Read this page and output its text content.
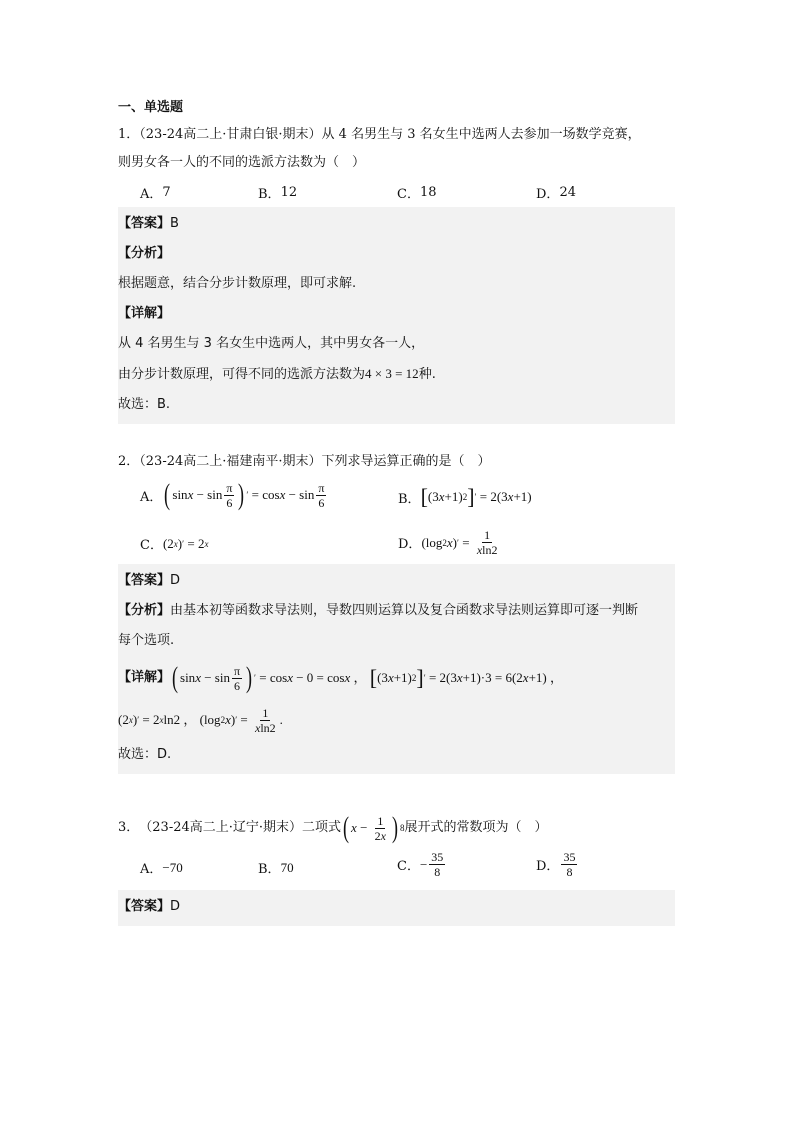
一、单选题
1．（23-24高二上·甘肃白银·期末）从 4 名男生与 3 名女生中选两人去参加一场数学竞赛，
则男女各一人的不同的选派方法数为（　）
A． 7	B． 12	C． 18	D． 24
【答案】B
【分析】
根据题意，结合分步计数原理，即可求解.
【详解】
从 4 名男生与 3 名女生中选两人，其中男女各一人，
由分步计数原理，可得不同的选派方法数为4 × 3 = 12种.
故选：B.
2．（23-24高二上·福建南平·期末）下列求导运算正确的是（　）
A． ( $\sin x - \sin \frac{\pi}{6}$ ) ′ = $\cos x - \sin \frac{\pi}{6}$	B． [ (3 x +1) 2 ] ′ = 2(3 x +1)
C． (2 x ) ′ = 2 x	D． (log 2 x ) ′ = $\frac{1}{xln2}$
【答案】D
【分析】由基本初等函数求导法则，导数四则运算以及复合函数求导法则运算即可逐一判断
每个选项.
【详解】 ( $\sin x - \sin \frac{\pi}{6}$ ) ′ = cos x − 0 = cos x ， [ (3 x +1) 2 ] ′ = 2(3 x +1)·3 = 6(2 x +1) ，
(2 x ) ′ = 2 x ln2 ， (log 2 x ) ′ = $\frac{1}{xln2}$ .
故选：D.
3． （23-24高二上·辽宁·期末） 二项式 ( $x - \frac{1}{2x}$ ) 8 展开式的常数项为（　）
A． −70	B． 70	C． − $\frac{35}{8}$	D． $\frac{35}{8}$
【答案】D
